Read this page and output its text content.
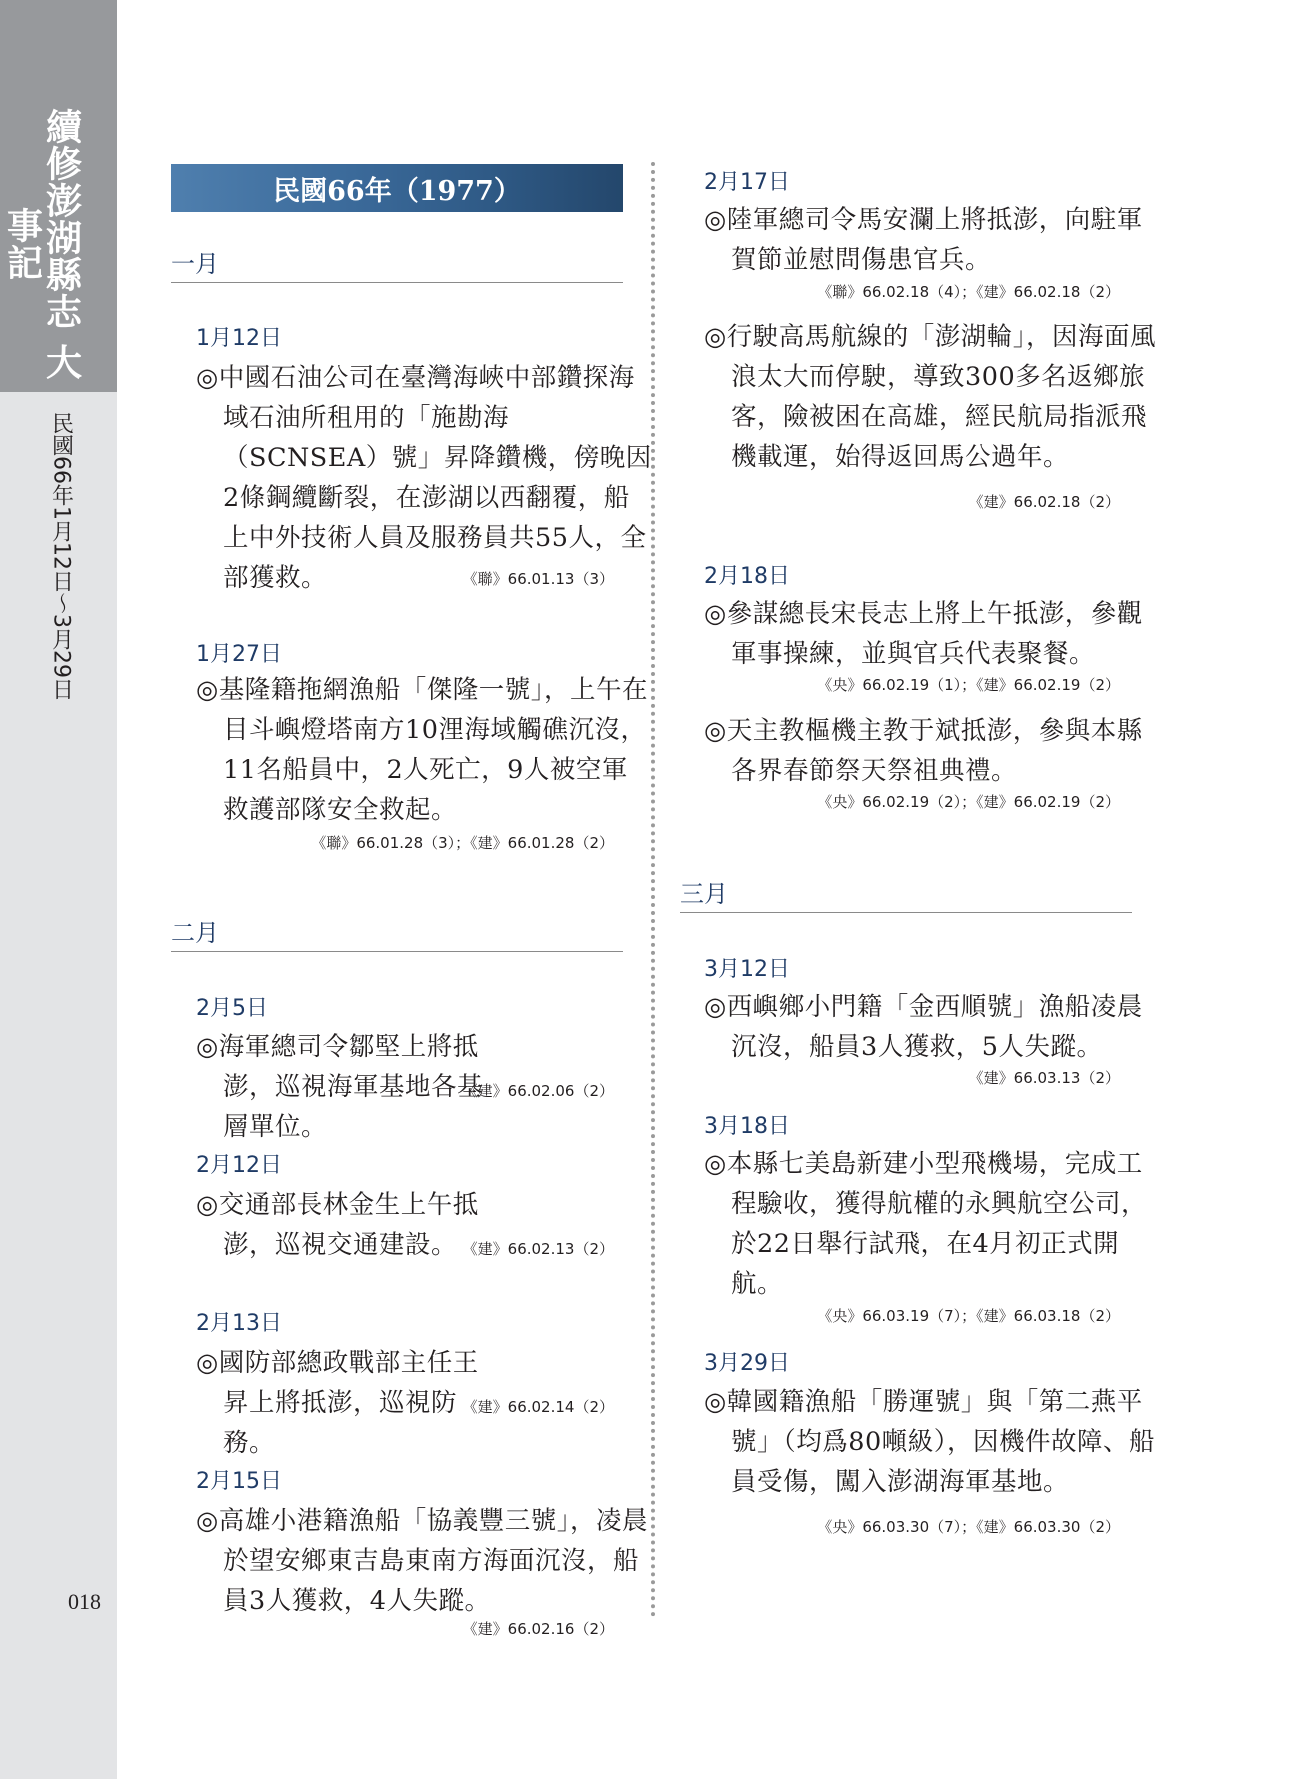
續修澎湖縣志 大事記
民國66年1月12日〜3月29日
018
民國66年（1977）
一月
1月12日
◎中國石油公司在臺灣海峽中部鑽探海域石油所租用的「施勘海（SCNSEA）號」昇降鑽機，傍晚因2條鋼纜斷裂，在澎湖以西翻覆，船上中外技術人員及服務員共55人，全部獲救。	《聯》66.01.13（3）
1月27日
◎基隆籍拖網漁船「傑隆一號」，上午在目斗嶼燈塔南方10浬海域觸礁沉沒，11名船員中，2人死亡，9人被空軍救護部隊安全救起。
《聯》66.01.28（3）；《建》66.01.28（2）
二月
2月5日
◎海軍總司令鄒堅上將抵澎，巡視海軍基地各基層單位。
《建》66.02.06（2）
2月12日
◎交通部長林金生上午抵澎，巡視交通建設。 《建》66.02.13（2）
2月13日
◎國防部總政戰部主任王昇上將抵澎，巡視防務。
《建》66.02.14（2）
2月15日
◎高雄小港籍漁船「協義豐三號」，凌晨於望安鄉東吉島東南方海面沉沒，船員3人獲救，4人失蹤。
《建》66.02.16（2）
2月17日
◎陸軍總司令馬安瀾上將抵澎，向駐軍賀節並慰問傷患官兵。
《聯》66.02.18（4）；《建》66.02.18（2）
◎行駛高馬航線的「澎湖輪」，因海面風浪太大而停駛，導致300多名返鄉旅客，險被困在高雄，經民航局指派飛機載運，始得返回馬公過年。
《建》66.02.18（2）
2月18日
◎參謀總長宋長志上將上午抵澎，參觀軍事操練，並與官兵代表聚餐。
《央》66.02.19（1）；《建》66.02.19（2）
◎天主教樞機主教于斌抵澎，參與本縣各界春節祭天祭祖典禮。
《央》66.02.19（2）；《建》66.02.19（2）
三月
3月12日
◎西嶼鄉小門籍「金西順號」漁船凌晨沉沒，船員3人獲救，5人失蹤。
《建》66.03.13（2）
3月18日
◎本縣七美島新建小型飛機場，完成工程驗收，獲得航權的永興航空公司，於22日舉行試飛，在4月初正式開航。
《央》66.03.19（7）；《建》66.03.18（2）
3月29日
◎韓國籍漁船「勝運號」與「第二燕平號」（均爲80噸級），因機件故障、船員受傷，闖入澎湖海軍基地。
《央》66.03.30（7）；《建》66.03.30（2）
